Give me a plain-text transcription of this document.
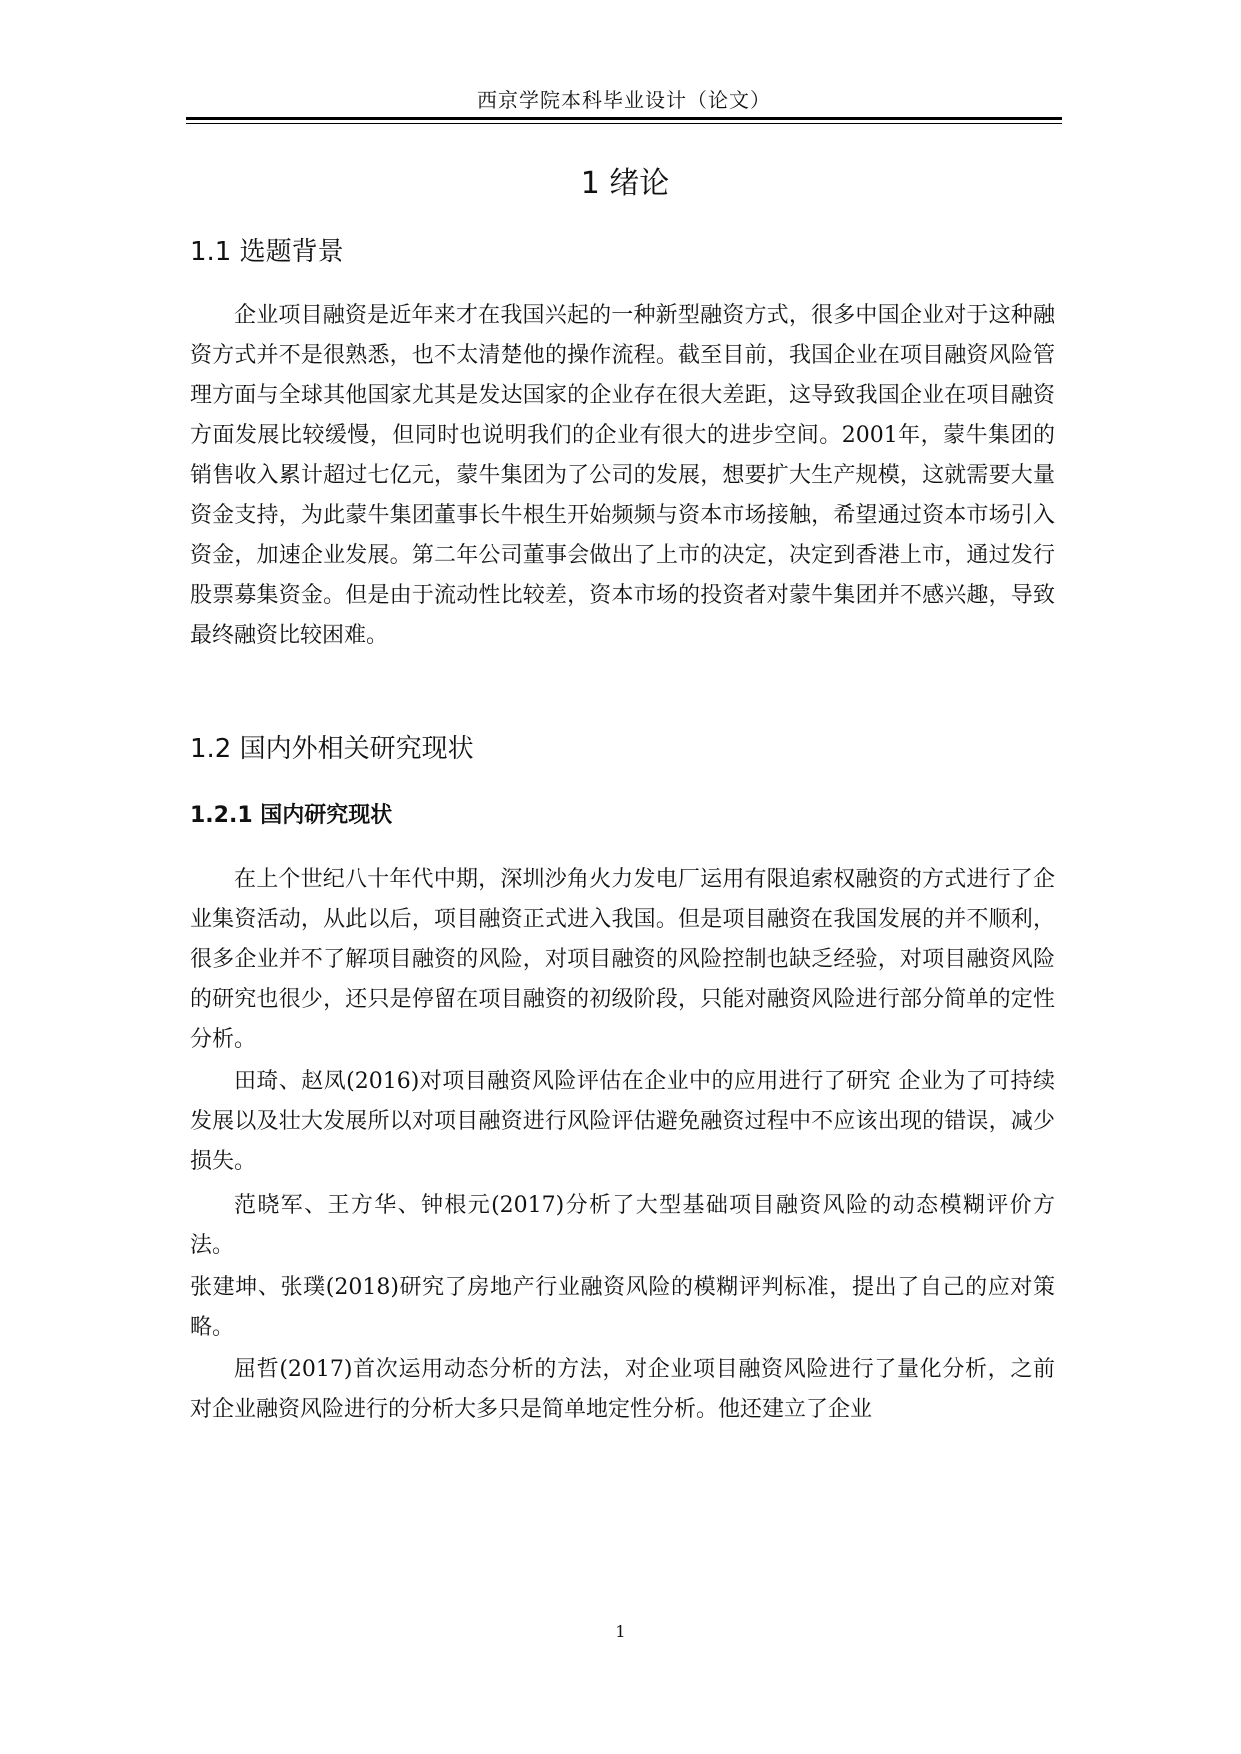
西京学院本科毕业设计（论文）
1 绪论
1.1 选题背景

企业项目融资是近年来才在我国兴起的一种新型融资方式，很多中国企业对于这种融资方式并不是很熟悉，也不太清楚他的操作流程。截至目前，我国企业在项目融资风险管理方面与全球其他国家尤其是发达国家的企业存在很大差距，这导致我国企业在项目融资方面发展比较缓慢，但同时也说明我们的企业有很大的进步空间。2001年，蒙牛集团的销售收入累计超过七亿元，蒙牛集团为了公司的发展，想要扩大生产规模，这就需要大量资金支持，为此蒙牛集团董事长牛根生开始频频与资本市场接触，希望通过资本市场引入资金，加速企业发展。第二年公司董事会做出了上市的决定，决定到香港上市，通过发行股票募集资金。但是由于流动性比较差，资本市场的投资者对蒙牛集团并不感兴趣，导致最终融资比较困难。

1.2 国内外相关研究现状
1.2.1 国内研究现状

在上个世纪八十年代中期，深圳沙角火力发电厂运用有限追索权融资的方式进行了企业集资活动，从此以后，项目融资正式进入我国。但是项目融资在我国发展的并不顺利，很多企业并不了解项目融资的风险，对项目融资的风险控制也缺乏经验，对项目融资风险的研究也很少，还只是停留在项目融资的初级阶段，只能对融资风险进行部分简单的定性分析。

田琦、赵凤(2016)对项目融资风险评估在企业中的应用进行了研究 企业为了可持续发展以及壮大发展所以对项目融资进行风险评估避免融资过程中不应该出现的错误，减少损失。

范晓军、王方华、钟根元(2017)分析了大型基础项目融资风险的动态模糊评价方法。

张建坤、张璞(2018)研究了房地产行业融资风险的模糊评判标准，提出了自己的应对策略。

屈哲(2017)首次运用动态分析的方法，对企业项目融资风险进行了量化分析，之前对企业融资风险进行的分析大多只是简单地定性分析。他还建立了企业

1
